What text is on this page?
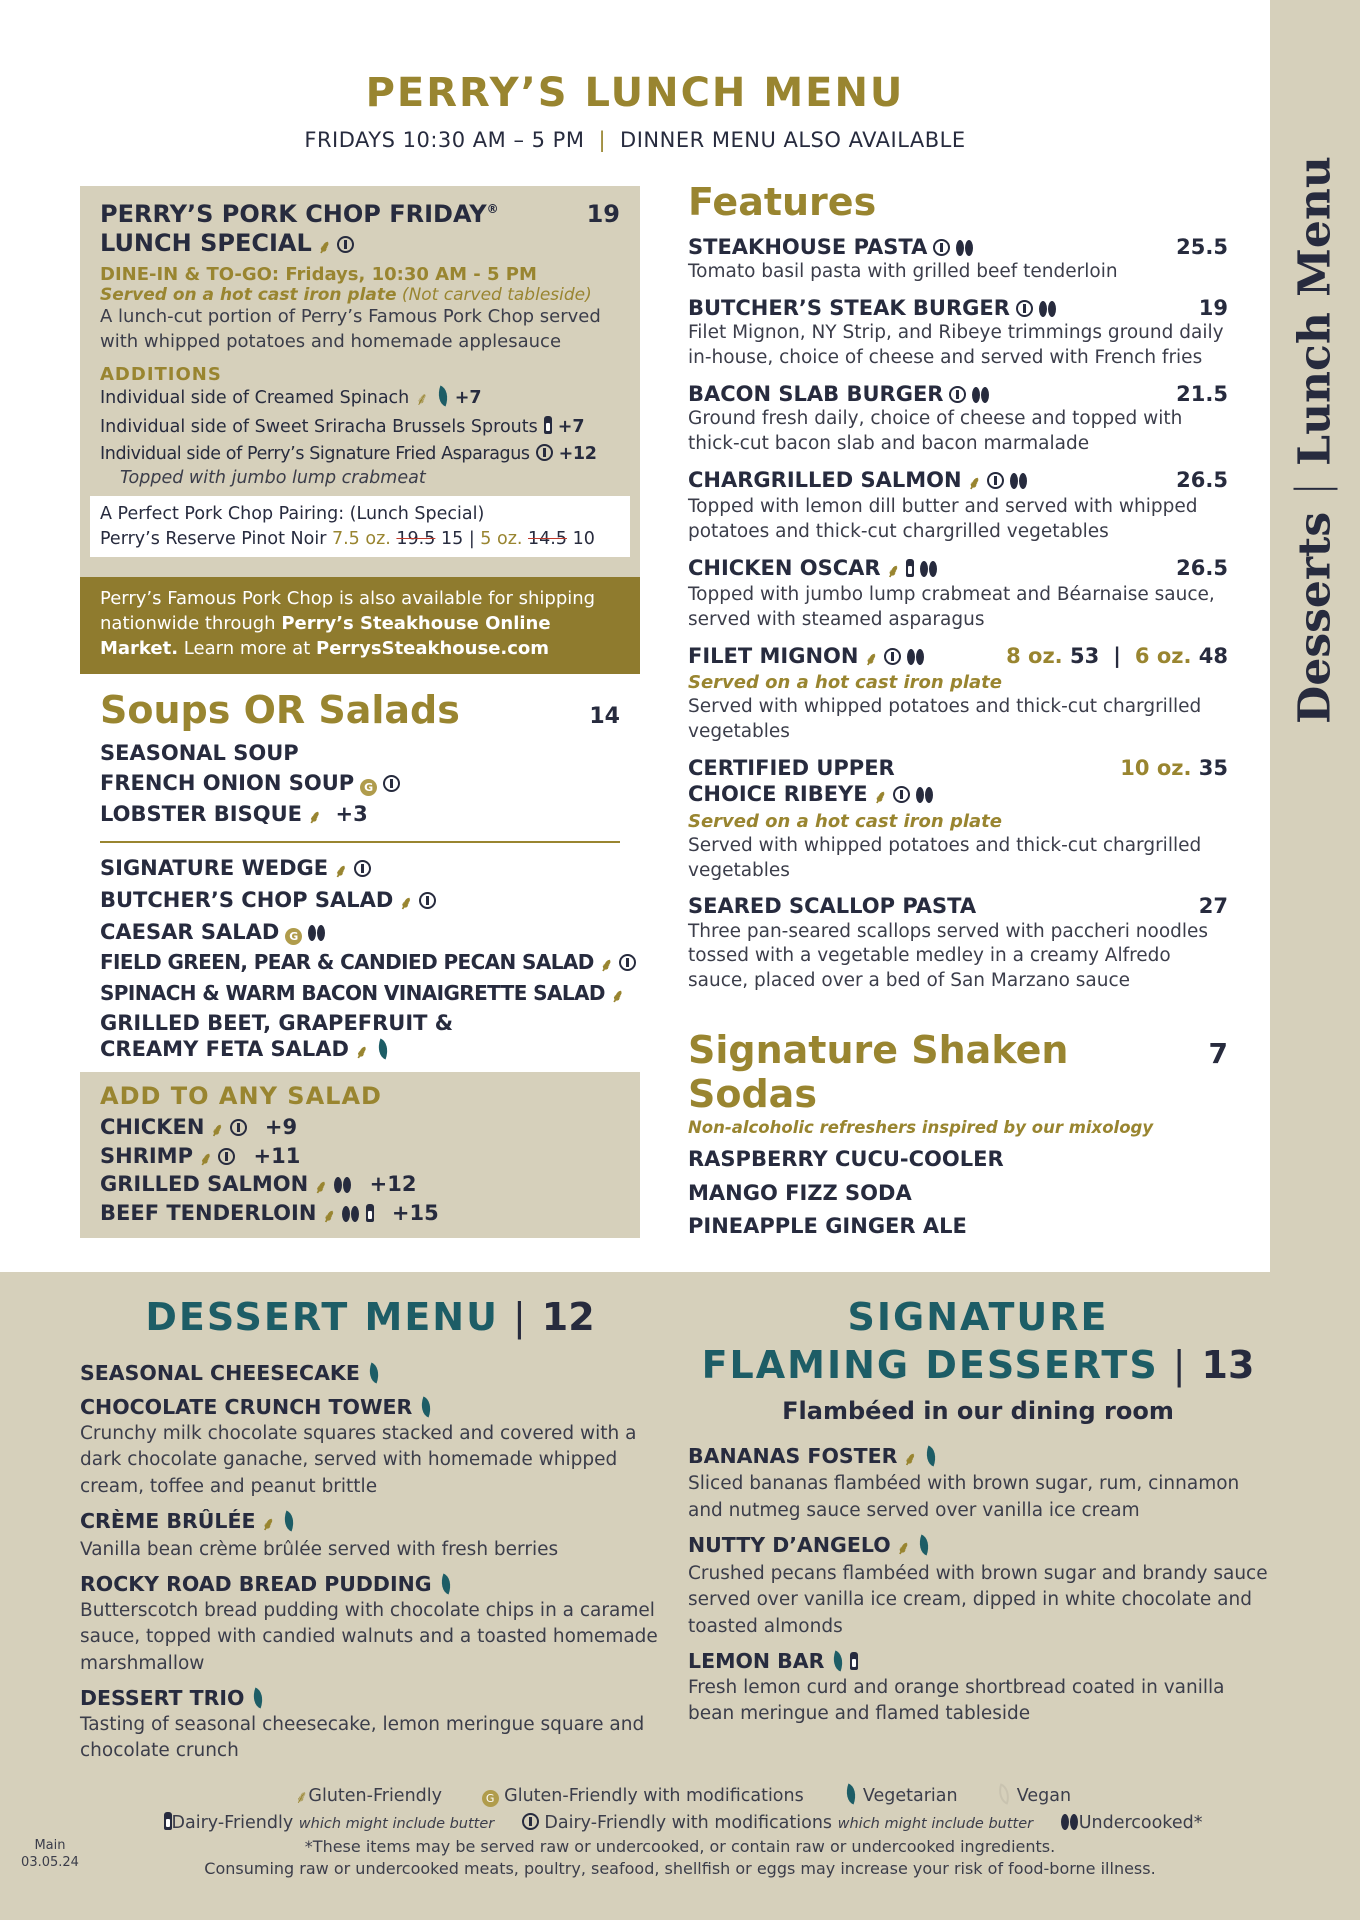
Desserts
Lunch Menu
PERRY’S LUNCH MENU
FRIDAYS 10:30 AM – 5 PM | DINNER MENU ALSO AVAILABLE
PERRY’S PORK CHOP FRIDAY®
LUNCH SPECIAL ⸙
19
DINE-IN & TO-GO: Fridays, 10:30 AM - 5 PM
Served on a hot cast iron plate (Not carved tableside)
A lunch-cut portion of Perry’s Famous Pork Chop served with whipped potatoes and homemade applesauce
ADDITIONS
Individual side of Creamed Spinach ⸙ +7
Individual side of Sweet Sriracha Brussels Sprouts +7
Individual side of Perry’s Signature Fried Asparagus +12
Topped with jumbo lump crabmeat
A Perfect Pork Chop Pairing: (Lunch Special)
Perry’s Reserve Pinot Noir 7.5 oz. 19.5 15 | 5 oz. 14.5 10
Perry’s Famous Pork Chop is also available for shipping nationwide through Perry’s Steakhouse Online Market. Learn more at PerrysSteakhouse.com
Soups OR Salads	14
SEASONAL SOUP
FRENCH ONION SOUP G
LOBSTER BISQUE ⸙ +3
SIGNATURE WEDGE ⸙
BUTCHER’S CHOP SALAD ⸙
CAESAR SALAD G
FIELD GREEN, PEAR & CANDIED PECAN SALAD ⸙
SPINACH & WARM BACON VINAIGRETTE SALAD ⸙
GRILLED BEET, GRAPEFRUIT &
CREAMY FETA SALAD ⸙
ADD TO ANY SALAD
CHICKEN ⸙ +9
SHRIMP ⸙ +11
GRILLED SALMON ⸙ +12
BEEF TENDERLOIN ⸙	+15
Features
STEAKHOUSE PASTA	25.5
Tomato basil pasta with grilled beef tenderloin
BUTCHER’S STEAK BURGER	19
Filet Mignon, NY Strip, and Ribeye trimmings ground daily in-house, choice of cheese and served with French fries
BACON SLAB BURGER	21.5
Ground fresh daily, choice of cheese and topped with thick-cut bacon slab and bacon marmalade
CHARGRILLED SALMON ⸙	26.5
Topped with lemon dill butter and served with whipped potatoes and thick-cut chargrilled vegetables
CHICKEN OSCAR ⸙	26.5
Topped with jumbo lump crabmeat and Béarnaise sauce, served with steamed asparagus
FILET MIGNON ⸙	8 oz. 53 | 6 oz. 48
Served on a hot cast iron plate
Served with whipped potatoes and thick-cut chargrilled vegetables
CERTIFIED UPPER	10 oz. 35
CHOICE RIBEYE ⸙
Served on a hot cast iron plate
Served with whipped potatoes and thick-cut chargrilled vegetables
SEARED SCALLOP PASTA	27
Three pan-seared scallops served with paccheri noodles tossed with a vegetable medley in a creamy Alfredo sauce, placed over a bed of San Marzano sauce
Signature Shaken Sodas
7
Non-alcoholic refreshers inspired by our mixology
RASPBERRY CUCU-COOLER
MANGO FIZZ SODA
PINEAPPLE GINGER ALE
DESSERT MENU | 12
SEASONAL CHEESECAKE
CHOCOLATE CRUNCH TOWER
Crunchy milk chocolate squares stacked and covered with a dark chocolate ganache, served with homemade whipped cream, toffee and peanut brittle
CRÈME BRÛLÉE ⸙
Vanilla bean crème brûlée served with fresh berries
ROCKY ROAD BREAD PUDDING
Butterscotch bread pudding with chocolate chips in a caramel sauce, topped with candied walnuts and a toasted homemade marshmallow
DESSERT TRIO
Tasting of seasonal cheesecake, lemon meringue square and chocolate crunch
SIGNATURE
FLAMING DESSERTS | 13
Flambéed in our dining room
BANANAS FOSTER ⸙
Sliced bananas flambéed with brown sugar, rum, cinnamon and nutmeg sauce served over vanilla ice cream
NUTTY D’ANGELO ⸙
Crushed pecans flambéed with brown sugar and brandy sauce served over vanilla ice cream, dipped in white chocolate and toasted almonds
LEMON BAR
Fresh lemon curd and orange shortbread coated in vanilla bean meringue and flamed tableside
⸙Gluten-Friendly	G Gluten-Friendly with modifications	Vegetarian	Vegan
Dairy-Friendly which might include butter	Dairy-Friendly with modifications which might include butter	Undercooked*
*These items may be served raw or undercooked, or contain raw or undercooked ingredients.
Consuming raw or undercooked meats, poultry, seafood, shellfish or eggs may increase your risk of food-borne illness.
Main
03.05.24
